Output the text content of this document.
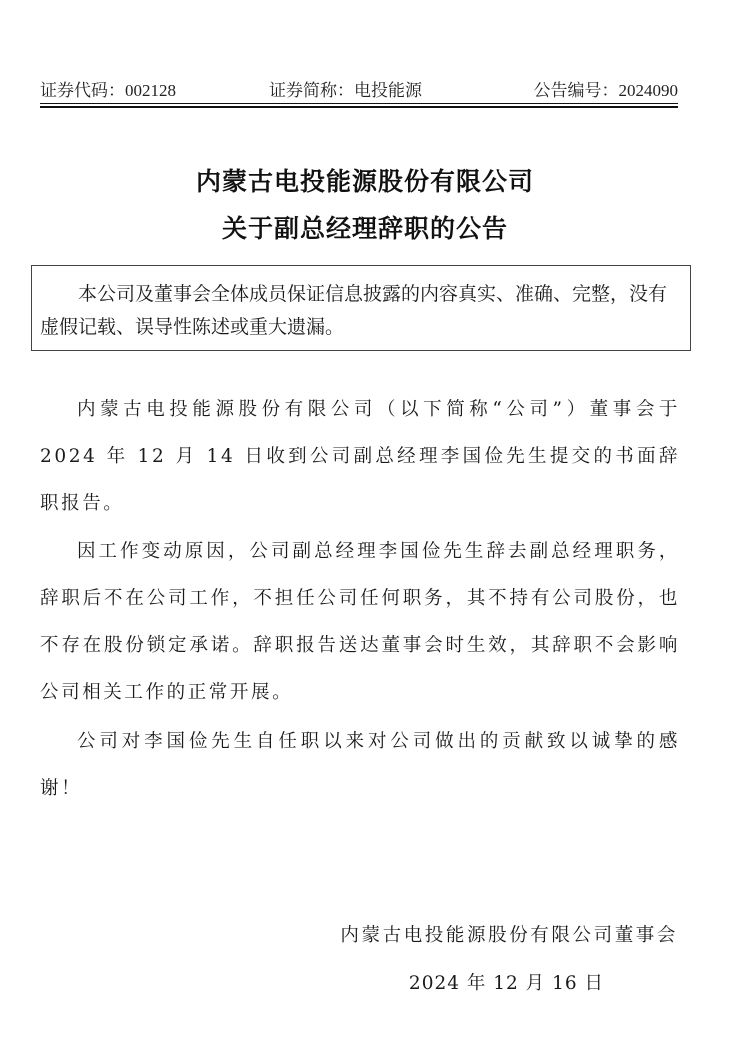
证券代码：002128	证券简称：电投能源	公告编号：2024090
内蒙古电投能源股份有限公司
关于副总经理辞职的公告

本公司及董事会全体成员保证信息披露的内容真实、准确、完整，没有虚假记载、误导性陈述或重大遗漏。

内蒙古电投能源股份有限公司（以下简称“公司”）董事会于2024 年 12 月 14 日收到公司副总经理李国俭先生提交的书面辞职报告。

因工作变动原因，公司副总经理李国俭先生辞去副总经理职务，辞职后不在公司工作，不担任公司任何职务，其不持有公司股份，也不存在股份锁定承诺。辞职报告送达董事会时生效，其辞职不会影响公司相关工作的正常开展。

公司对李国俭先生自任职以来对公司做出的贡献致以诚挚的感谢！

内蒙古电投能源股份有限公司董事会
2024 年 12 月 16 日
